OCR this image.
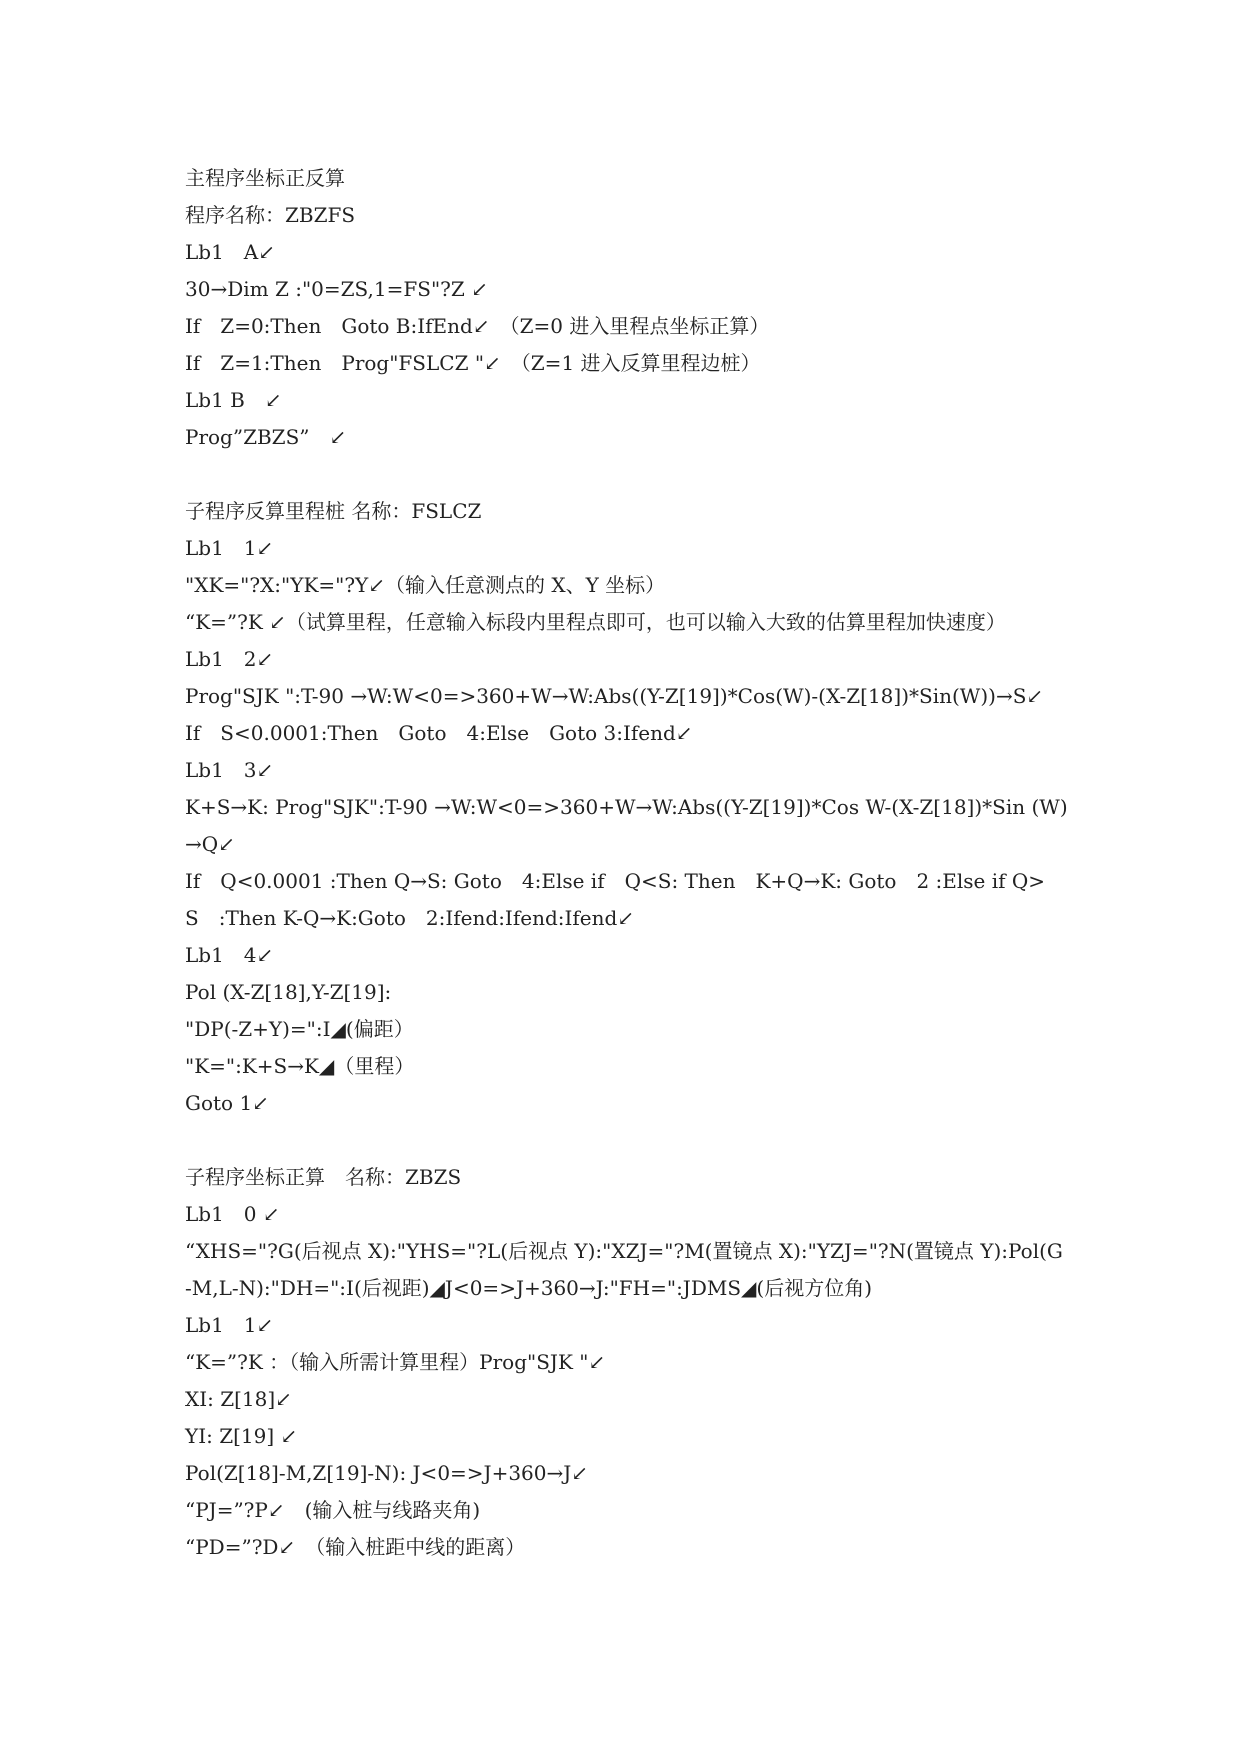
主程序坐标正反算
程序名称：ZBZFS
Lb1　A↙
30→Dim Z :"0=ZS,1=FS"?Z ↙
If　Z=0:Then　Goto B:IfEnd↙　（Z=0 进入里程点坐标正算）
If　Z=1:Then　Prog"FSLCZ "↙　（Z=1 进入反算里程边桩）
Lb1 B　↙
Prog”ZBZS”　↙
子程序反算里程桩 名称：FSLCZ
Lb1　1↙
"XK="?X:"YK="?Y↙（输入任意测点的 X、Y 坐标）
“K=”?K ↙（试算里程，任意输入标段内里程点即可，也可以输入大致的估算里程加快速度）
Lb1　2↙
Prog"SJK ":T-90 →W:W<0=>360+W→W:Abs((Y-Z[19])*Cos(W)-(X-Z[18])*Sin(W))→S↙
If　S<0.0001:Then　Goto　4:Else　Goto 3:Ifend↙
Lb1　3↙
K+S→K: Prog"SJK":T-90 →W:W<0=>360+W→W:Abs((Y-Z[19])*Cos W-(X-Z[18])*Sin (W)
→Q↙
If　Q<0.0001 :Then Q→S: Goto　4:Else if　Q<S: Then　K+Q→K: Goto　2 :Else if Q>
S　:Then K-Q→K:Goto　2:Ifend:Ifend:Ifend↙
Lb1　4↙
Pol (X-Z[18],Y-Z[19]:
"DP(-Z+Y)=":I◢(偏距）
"K=":K+S→K◢（里程）
Goto 1↙
子程序坐标正算　名称：ZBZS
Lb1　0 ↙
“XHS="?G(后视点 X):"YHS="?L(后视点 Y):"XZJ="?M(置镜点 X):"YZJ="?N(置镜点 Y):Pol(G
-M,L-N):"DH=":I(后视距)◢J<0=>J+360→J:"FH=":JDMS◢(后视方位角)
Lb1　1↙
“K=”?K ：（输入所需计算里程）Prog"SJK "↙
XI: Z[18]↙
YI: Z[19] ↙
Pol(Z[18]-M,Z[19]-N): J<0=>J+360→J↙
“PJ=”?P↙　(输入桩与线路夹角)
“PD=”?D↙　（输入桩距中线的距离）
